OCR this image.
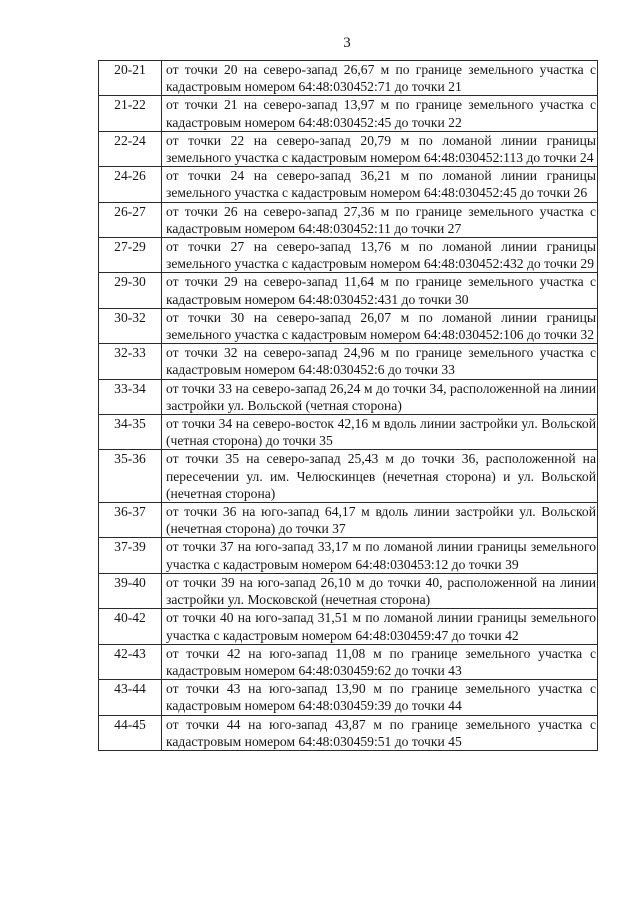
3
20-21	от точки 20 на северо-запад 26,67 м по границе земельного участка с кадастровым номером 64:48:030452:71 до точки 21
21-22	от точки 21 на северо-запад 13,97 м по границе земельного участка с кадастровым номером 64:48:030452:45 до точки 22
22-24	от точки 22 на северо-запад 20,79 м по ломаной линии границы земельного участка с кадастровым номером 64:48:030452:113 до точки 24
24-26	от точки 24 на северо-запад 36,21 м по ломаной линии границы земельного участка с кадастровым номером 64:48:030452:45 до точки 26
26-27	от точки 26 на северо-запад 27,36 м по границе земельного участка с кадастровым номером 64:48:030452:11 до точки 27
27-29	от точки 27 на северо-запад 13,76 м по ломаной линии границы земельного участка с кадастровым номером 64:48:030452:432 до точки 29
29-30	от точки 29 на северо-запад 11,64 м по границе земельного участка с кадастровым номером 64:48:030452:431 до точки 30
30-32	от точки 30 на северо-запад 26,07 м по ломаной линии границы земельного участка с кадастровым номером 64:48:030452:106 до точки 32
32-33	от точки 32 на северо-запад 24,96 м по границе земельного участка с кадастровым номером 64:48:030452:6 до точки 33
33-34	от точки 33 на северо-запад 26,24 м до точки 34, расположенной на линии застройки ул. Вольской (четная сторона)
34-35	от точки 34 на северо-восток 42,16 м вдоль линии застройки ул. Вольской (четная сторона) до точки 35
35-36	от точки 35 на северо-запад 25,43 м до точки 36, расположенной на пересечении ул. им. Челюскинцев (нечетная сторона) и ул. Вольской (нечетная сторона)
36-37	от точки 36 на юго-запад 64,17 м вдоль линии застройки ул. Вольской (нечетная сторона) до точки 37
37-39	от точки 37 на юго-запад 33,17 м по ломаной линии границы земельного участка с кадастровым номером 64:48:030453:12 до точки 39
39-40	от точки 39 на юго-запад 26,10 м до точки 40, расположенной на линии застройки ул. Московской (нечетная сторона)
40-42	от точки 40 на юго-запад 31,51 м по ломаной линии границы земельного участка с кадастровым номером 64:48:030459:47 до точки 42
42-43	от точки 42 на юго-запад 11,08 м по границе земельного участка с кадастровым номером 64:48:030459:62 до точки 43
43-44	от точки 43 на юго-запад 13,90 м по границе земельного участка с кадастровым номером 64:48:030459:39 до точки 44
44-45	от точки 44 на юго-запад 43,87 м по границе земельного участка с кадастровым номером 64:48:030459:51 до точки 45
